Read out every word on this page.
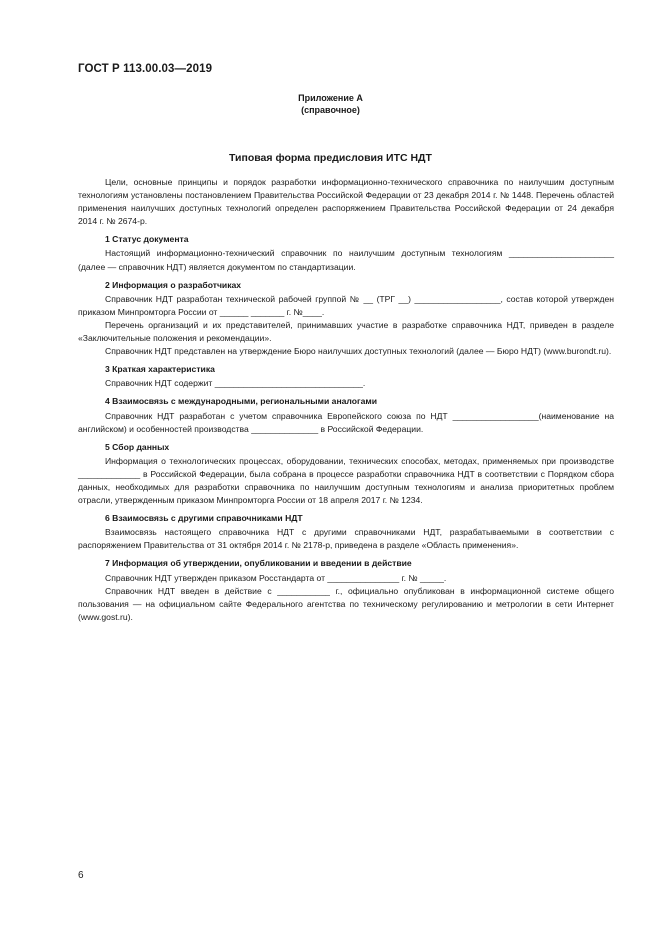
ГОСТ Р 113.00.03—2019
Приложение А
(справочное)
Типовая форма предисловия ИТС НДТ

Цели, основные принципы и порядок разработки информационно-технического справочника по наилучшим доступным технологиям установлены постановлением Правительства Российской Федерации от 23 декабря 2014 г. № 1448. Перечень областей применения наилучших доступных технологий определен распоряжением Правительства Российской Федерации от 24 декабря 2014 г. № 2674-р.

1 Статус документа

Настоящий информационно-технический справочник по наилучшим доступным технологиям ______________________ (далее — справочник НДТ) является документом по стандартизации.

2 Информация о разработчиках

Справочник НДТ разработан технической рабочей группой № __ (ТРГ __) __________________, состав которой утвержден приказом Минпромторга России от ______ _______ г. №____.

Перечень организаций и их представителей, принимавших участие в разработке справочника НДТ, приведен в разделе «Заключительные положения и рекомендации».

Справочник НДТ представлен на утверждение Бюро наилучших доступных технологий (далее — Бюро НДТ) (www.burondt.ru).

3 Краткая характеристика

Справочник НДТ содержит _______________________________.

4 Взаимосвязь с международными, региональными аналогами

Справочник НДТ разработан с учетом справочника Европейского союза по НДТ __________________(наименование на английском) и особенностей производства ______________ в Российской Федерации.

5 Сбор данных

Информация о технологических процессах, оборудовании, технических способах, методах, применяемых при производстве _____________ в Российской Федерации, была собрана в процессе разработки справочника НДТ в соответствии с Порядком сбора данных, необходимых для разработки справочника по наилучшим доступным технологиям и анализа приоритетных проблем отрасли, утвержденным приказом Минпромторга России от 18 апреля 2017 г. № 1234.

6 Взаимосвязь с другими справочниками НДТ

Взаимосвязь настоящего справочника НДТ с другими справочниками НДТ, разрабатываемыми в соответствии с распоряжением Правительства от 31 октября 2014 г. № 2178-р, приведена в разделе «Область применения».

7 Информация об утверждении, опубликовании и введении в действие

Справочник НДТ утвержден приказом Росстандарта от _______________ г. № _____.

Справочник НДТ введен в действие с ___________ г., официально опубликован в информационной системе общего пользования — на официальном сайте Федерального агентства по техническому регулированию и метрологии в сети Интернет (www.gost.ru).

6
